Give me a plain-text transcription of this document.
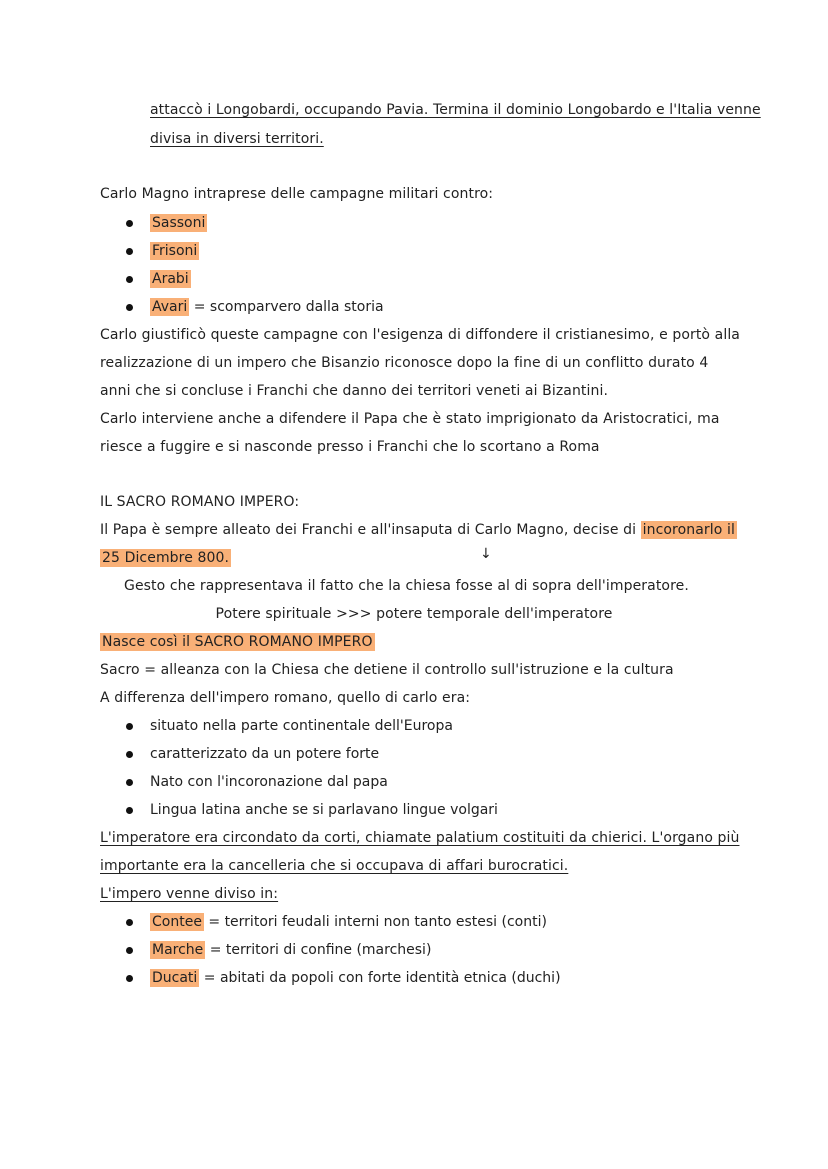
attaccò i Longobardi, occupando Pavia. Termina il dominio Longobardo e l'Italia venne
divisa in diversi territori.
Carlo Magno intraprese delle campagne militari contro:
Sassoni
Frisoni
Arabi
Avari = scomparvero dalla storia
Carlo giustificò queste campagne con l'esigenza di diffondere il cristianesimo, e portò alla
realizzazione di un impero che Bisanzio riconosce dopo la fine di un conflitto durato 4
anni che si concluse i Franchi che danno dei territori veneti ai Bizantini.
Carlo interviene anche a difendere il Papa che è stato imprigionato da Aristocratici, ma
riesce a fuggire e si nasconde presso i Franchi che lo scortano a Roma
IL SACRO ROMANO IMPERO:
Il Papa è sempre alleato dei Franchi e all'insaputa di Carlo Magno, decise di incoronarlo il
25 Dicembre 800.	↓
Gesto che rappresentava il fatto che la chiesa fosse al di sopra dell'imperatore.
Potere spirituale >>> potere temporale dell'imperatore
Nasce così il SACRO ROMANO IMPERO
Sacro = alleanza con la Chiesa che detiene il controllo sull'istruzione e la cultura
A differenza dell'impero romano, quello di carlo era:
situato nella parte continentale dell'Europa
caratterizzato da un potere forte
Nato con l'incoronazione dal papa
Lingua latina anche se si parlavano lingue volgari
L'imperatore era circondato da corti, chiamate palatium costituiti da chierici. L'organo più
importante era la cancelleria che si occupava di affari burocratici.
L'impero venne diviso in:
Contee = territori feudali interni non tanto estesi (conti)
Marche = territori di confine (marchesi)
Ducati = abitati da popoli con forte identità etnica (duchi)
